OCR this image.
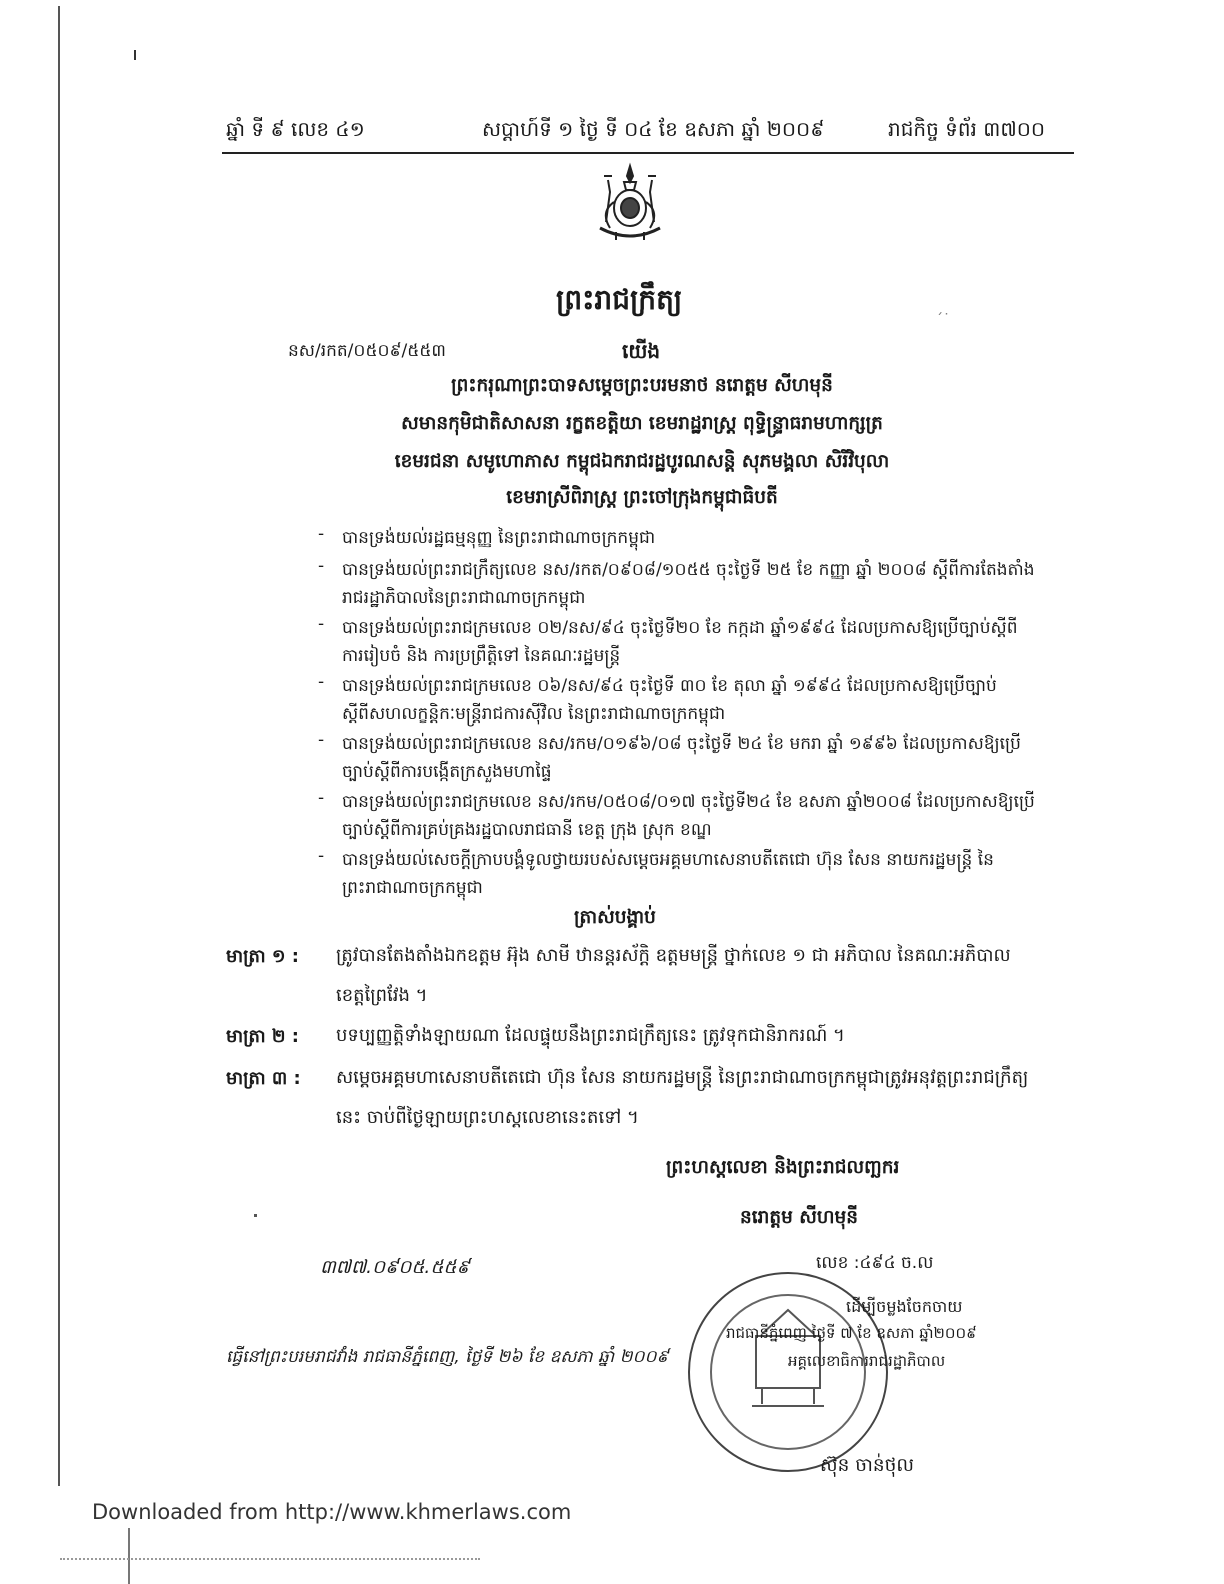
ឆ្នាំ ទី ៩ លេខ ៤១	សប្តាហ៍ទី ១ ថ្ងៃ ទី ០៤ ខែ ឧសភា ឆ្នាំ ២០០៩	រាជកិច្ច ទំព័រ ៣៧០០
ព្រះរាជក្រឹត្យ
ˊ˙
នស/រកត/០៥០៩/៥៥៣	យើង
ព្រះករុណាព្រះបាទសម្តេចព្រះបរមនាថ នរោត្តម សីហមុនី
សមានកុមិជាតិសាសនា រក្ខតខត្តិយា ខេមរាដ្ឋរាស្ត្រ ពុទ្ធិន្ទ្រាធរាមហាក្សត្រ
ខេមរជនា សមូហោភាស កម្ពុជឯករាជរដ្ឋបូរណសន្តិ សុភមង្គលា សិរីវិបុលា
ខេមរាស្រីពិរាស្ត្រ ព្រះចៅក្រុងកម្ពុជាធិបតី
-	បានទ្រង់យល់រដ្ឋធម្មនុញ្ញ នៃព្រះរាជាណាចក្រកម្ពុជា
-	បានទ្រង់យល់ព្រះរាជក្រឹត្យលេខ នស/រកត/០៩០៨/១០៥៥ ចុះថ្ងៃទី ២៥ ខែ កញ្ញា ឆ្នាំ ២០០៨ ស្តីពីការតែងតាំងរាជរដ្ឋាភិបាលនៃព្រះរាជាណាចក្រកម្ពុជា
-	បានទ្រង់យល់ព្រះរាជក្រមលេខ ០២/នស/៩៤ ចុះថ្ងៃទី២០ ខែ កក្កដា ឆ្នាំ១៩៩៤ ដែលប្រកាសឱ្យប្រើច្បាប់ស្តីពីការរៀបចំ និង ការប្រព្រឹត្តិទៅ នៃគណៈរដ្ឋមន្ត្រី
-	បានទ្រង់យល់ព្រះរាជក្រមលេខ ០៦/នស/៩៤ ចុះថ្ងៃទី ៣០ ខែ តុលា ឆ្នាំ ១៩៩៤ ដែលប្រកាសឱ្យប្រើច្បាប់ស្តីពីសហលក្ខន្តិកៈមន្ត្រីរាជការស៊ីវិល នៃព្រះរាជាណាចក្រកម្ពុជា
-	បានទ្រង់យល់ព្រះរាជក្រមលេខ នស/រកម/០១៩៦/០៨ ចុះថ្ងៃទី ២៤ ខែ មករា ឆ្នាំ ១៩៩៦ ដែលប្រកាសឱ្យប្រើច្បាប់ស្តីពីការបង្កើតក្រសួងមហាផ្ទៃ
-	បានទ្រង់យល់ព្រះរាជក្រមលេខ នស/រកម/០៥០៨/០១៧ ចុះថ្ងៃទី២៤ ខែ ឧសភា ឆ្នាំ២០០៨ ដែលប្រកាសឱ្យប្រើច្បាប់ស្តីពីការគ្រប់គ្រងរដ្ឋបាលរាជធានី ខេត្ត ក្រុង ស្រុក ខណ្ឌ
-	បានទ្រង់យល់សេចក្តីក្រាបបង្គំទូលថ្វាយរបស់សម្តេចអគ្គមហាសេនាបតីតេជោ ហ៊ុន សែន នាយករដ្ឋមន្ត្រី នៃព្រះរាជាណាចក្រកម្ពុជា
ត្រាស់បង្គាប់
មាត្រា ១ : ត្រូវបានតែងតាំងឯកឧត្តម អ៊ុង សាមី ឋានន្តរស័ក្តិ ឧត្តមមន្ត្រី ថ្នាក់លេខ ១ ជា អភិបាល នៃគណៈអភិបាល ខេត្តព្រៃវែង ។
មាត្រា ២ : បទប្បញ្ញត្តិទាំងឡាយណា ដែលផ្ទុយនឹងព្រះរាជក្រឹត្យនេះ ត្រូវទុកជានិរាករណ៍ ។
មាត្រា ៣ : សម្តេចអគ្គមហាសេនាបតីតេជោ ហ៊ុន សែន នាយករដ្ឋមន្ត្រី នៃព្រះរាជាណាចក្រកម្ពុជាត្រូវអនុវត្តព្រះរាជក្រឹត្យនេះ ចាប់ពីថ្ងៃឡាយព្រះហស្តលេខានេះតទៅ ។
ព្រះហស្តលេខា និងព្រះរាជលញ្ឆករ
នរោត្តម សីហមុនី
៣៧៧.០៩០៥.៥៥៩	លេខ :៤៩៤ ច.ល
ដើម្បីចម្លងចែកចាយ
រាជធានីភ្នំពេញ ថ្ងៃទី ៧ ខែ ឧសភា ឆ្នាំ២០០៩
អគ្គលេខាធិការរាជរដ្ឋាភិបាល
ធ្វើនៅព្រះបរមរាជវាំង រាជធានីភ្នំពេញ, ថ្ងៃទី ២៦ ខែ ឧសភា ឆ្នាំ ២០០៩
ស៊ុន ចាន់ថុល
Downloaded from http://www.khmerlaws.com
